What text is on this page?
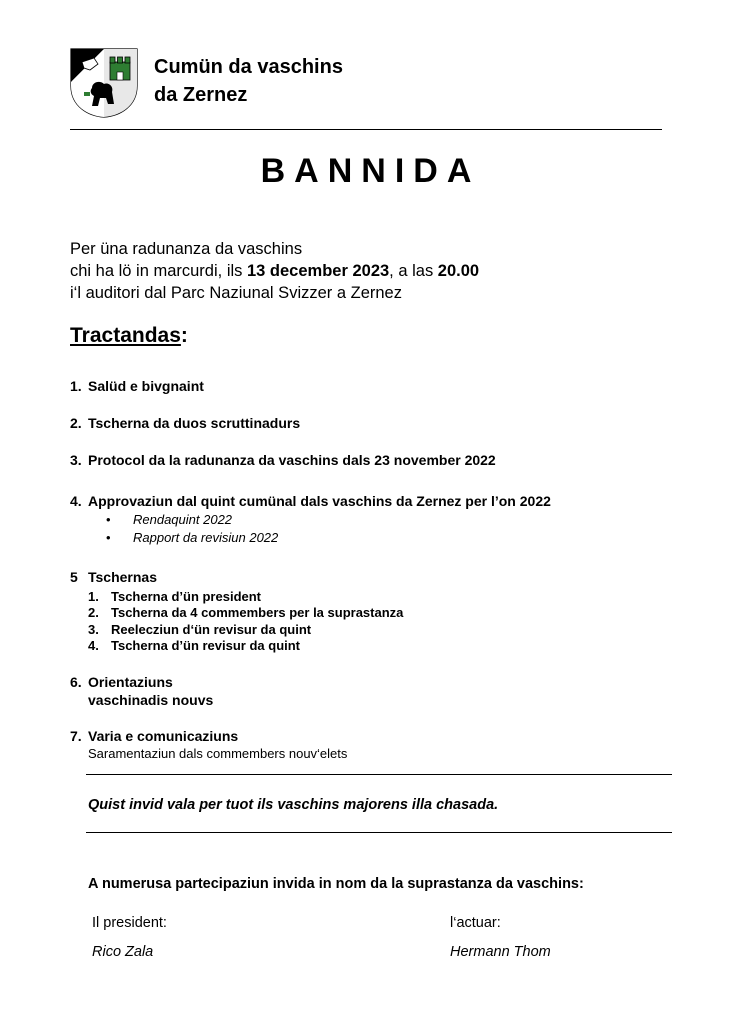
Cumün da vaschins
da Zernez
BANNIDA
Per üna radunanza da vaschins
chi ha lö in marcurdi, ils 13 december 2023, a las 20.00
i‘l auditori dal Parc Naziunal Svizzer a Zernez
Tractandas:
1. Salüd e bivgnaint
2. Tscherna da duos scruttinadurs
3. Protocol da la radunanza da vaschins dals 23 november 2022
4. Approvaziun dal quint cumünal dals vaschins da Zernez per l’on 2022
• Rendaquint 2022
• Rapport da revisiun 2022
5 Tschernas
1. Tscherna d’ün president
2. Tscherna da 4 commembers per la suprastanza
3. Reelecziun d‘ün revisur da quint
4. Tscherna d’ün revisur da quint
6. Orientaziuns
vaschinadis nouvs
7. Varia e comunicaziuns
Saramentaziun dals commembers nouv‘elets
Quist invid vala per tuot ils vaschins majorens illa chasada.
A numerusa partecipaziun invida in nom da la suprastanza da vaschins:
Il president:
Rico Zala
l‘actuar:
Hermann Thom
